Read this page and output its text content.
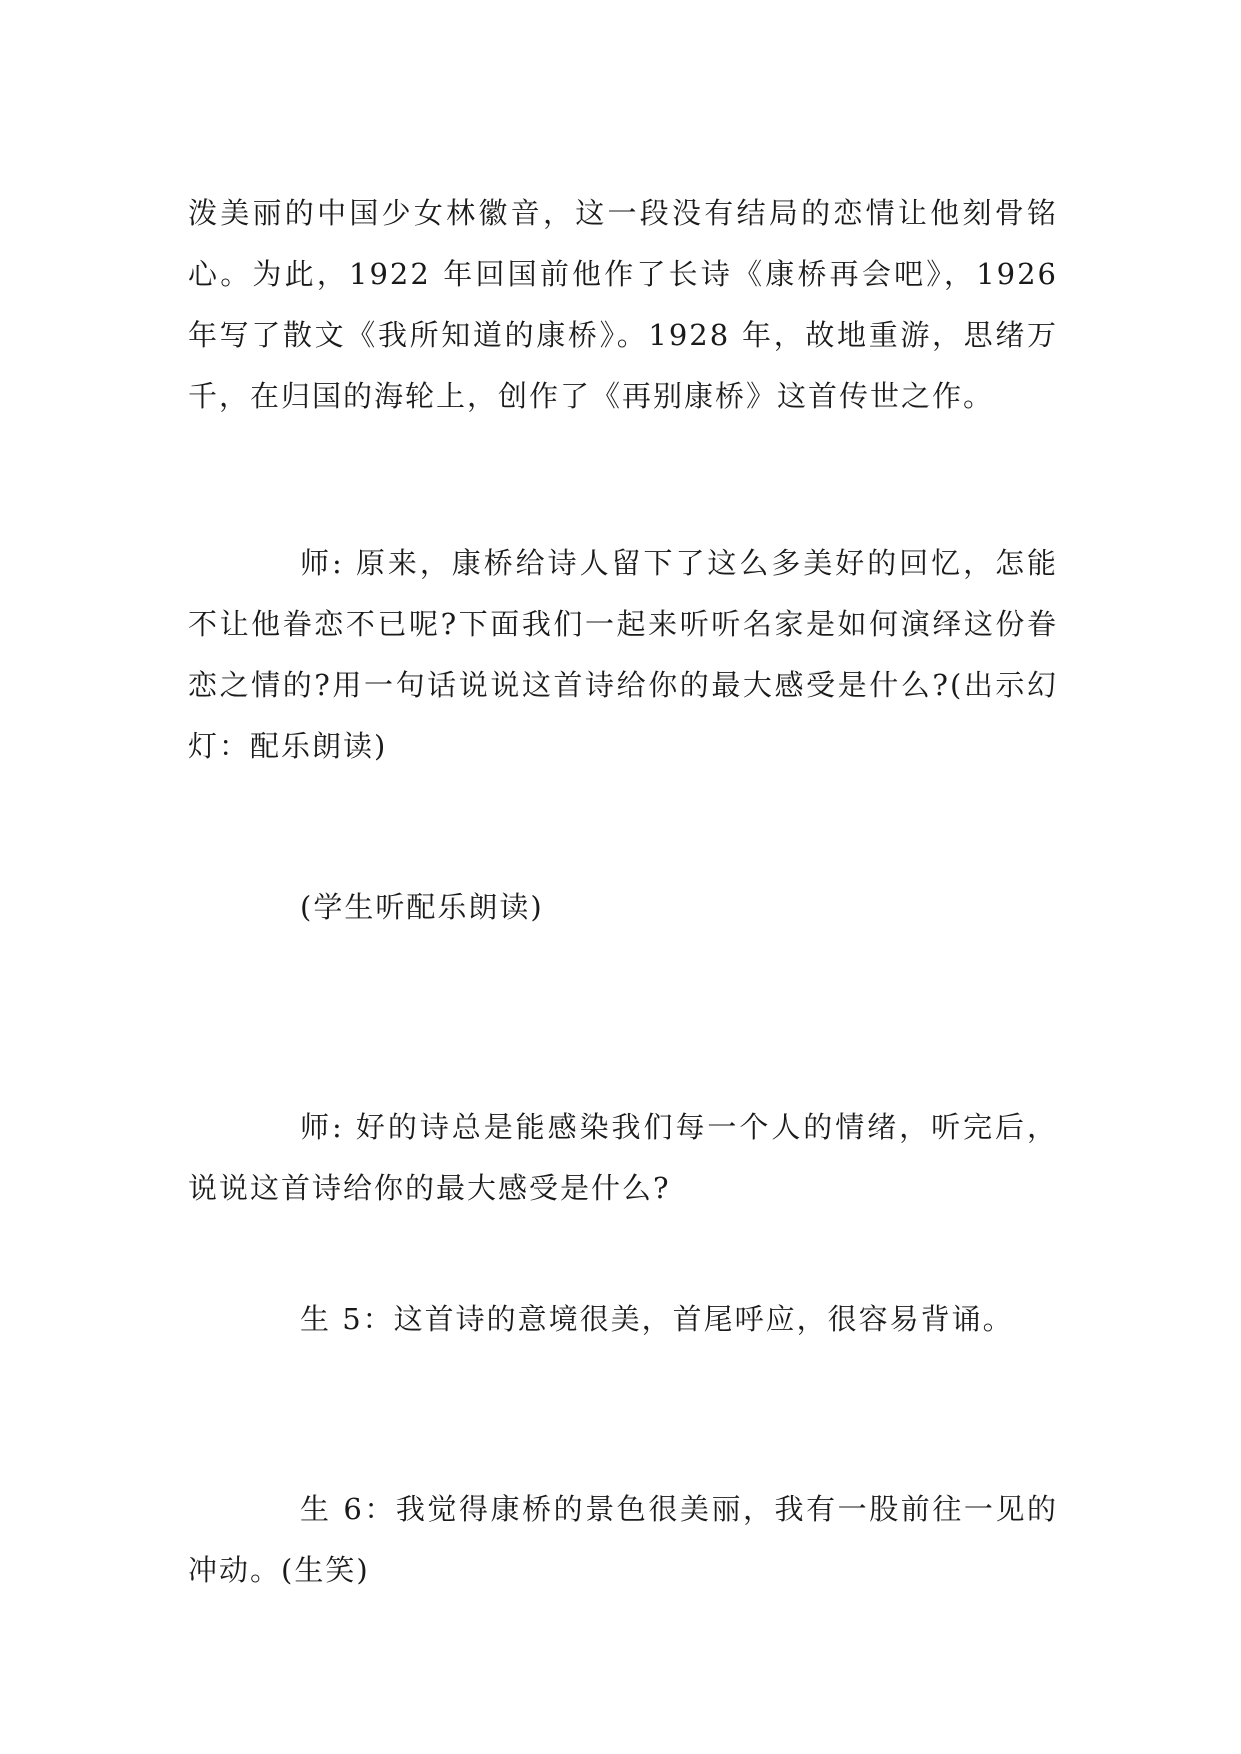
泼美丽的中国少女林徽音，这一段没有结局的恋情让他刻骨铭心。为此，1922 年回国前他作了长诗《康桥再会吧》，1926 年写了散文《我所知道的康桥》。1928 年，故地重游，思绪万千，在归国的海轮上，创作了《再别康桥》这首传世之作。

师: 原来，康桥给诗人留下了这么多美好的回忆，怎能不让他眷恋不已呢?下面我们一起来听听名家是如何演绎这份眷恋之情的?用一句话说说这首诗给你的最大感受是什么?(出示幻灯：配乐朗读)

(学生听配乐朗读)

师: 好的诗总是能感染我们每一个人的情绪，听完后，说说这首诗给你的最大感受是什么?

生 5：这首诗的意境很美，首尾呼应，很容易背诵。

生 6：我觉得康桥的景色很美丽，我有一股前往一见的冲动。(生笑)
